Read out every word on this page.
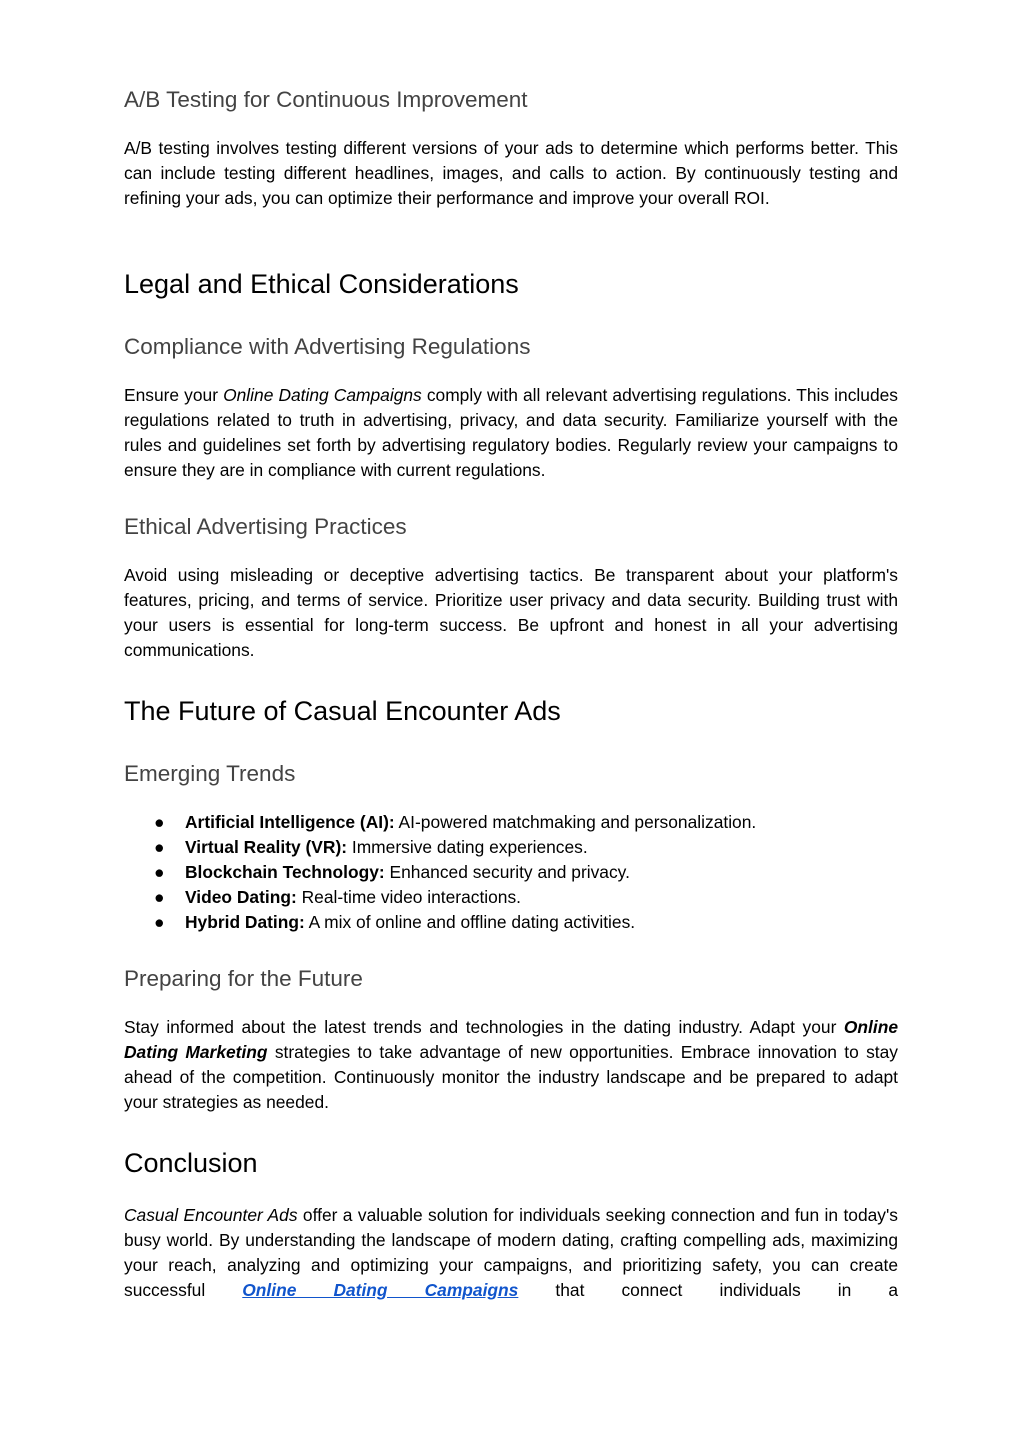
A/B Testing for Continuous Improvement

A/B testing involves testing different versions of your ads to determine which performs better. This can include testing different headlines, images, and calls to action. By continuously testing and refining your ads, you can optimize their performance and improve your overall ROI.

Legal and Ethical Considerations
Compliance with Advertising Regulations

Ensure your Online Dating Campaigns comply with all relevant advertising regulations. This includes regulations related to truth in advertising, privacy, and data security. Familiarize yourself with the rules and guidelines set forth by advertising regulatory bodies. Regularly review your campaigns to ensure they are in compliance with current regulations.

Ethical Advertising Practices

Avoid using misleading or deceptive advertising tactics. Be transparent about your platform's features, pricing, and terms of service. Prioritize user privacy and data security. Building trust with your users is essential for long-term success. Be upfront and honest in all your advertising communications.

The Future of Casual Encounter Ads
Emerging Trends
● Artificial Intelligence (AI): AI-powered matchmaking and personalization.
● Virtual Reality (VR): Immersive dating experiences.
● Blockchain Technology: Enhanced security and privacy.
● Video Dating: Real-time video interactions.
● Hybrid Dating: A mix of online and offline dating activities.
Preparing for the Future

Stay informed about the latest trends and technologies in the dating industry. Adapt your Online Dating Marketing strategies to take advantage of new opportunities. Embrace innovation to stay ahead of the competition. Continuously monitor the industry landscape and be prepared to adapt your strategies as needed.

Conclusion

Casual Encounter Ads offer a valuable solution for individuals seeking connection and fun in today's busy world. By understanding the landscape of modern dating, crafting compelling ads, maximizing your reach, analyzing and optimizing your campaigns, and prioritizing safety, you can create successful Online Dating Campaigns that connect individuals in a
